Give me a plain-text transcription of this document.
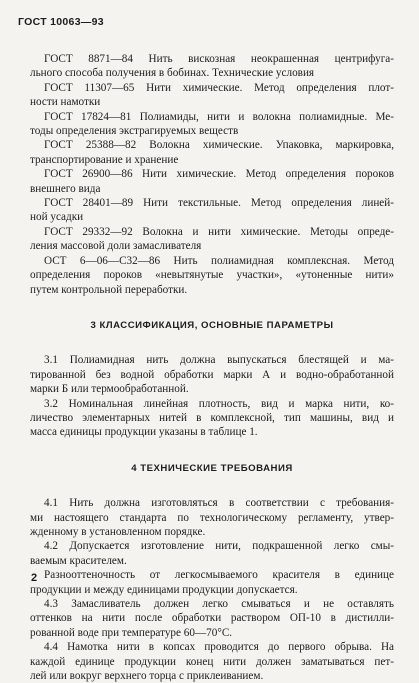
ГОСТ 10063—93
ГОСТ 8871—84 Нить вискозная неокрашенная центрифуга-
льного способа получения в бобинах. Технические условия
ГОСТ 11307—65 Нити химические. Метод определения плот-
ности намотки
ГОСТ 17824—81 Полиамиды, нити и волокна полиамидные. Ме-
тоды определения экстрагируемых веществ
ГОСТ 25388—82 Волокна химические. Упаковка, маркировка,
транспортирование и хранение
ГОСТ 26900—86 Нити химические. Метод определения пороков
внешнего вида
ГОСТ 28401—89 Нити текстильные. Метод определения линей-
ной усадки
ГОСТ 29332—92 Волокна и нити химические. Методы опреде-
ления массовой доли замасливателя
ОСТ 6—06—С32—86 Нить полиамидная комплексная. Метод
определения пороков «невытянутые участки», «утоненные нити»
путем контрольной переработки.
3 КЛАССИФИКАЦИЯ, ОСНОВНЫЕ ПАРАМЕТРЫ
3.1 Полиамидная нить должна выпускаться блестящей и ма-
тированной без водной обработки марки А и водно-обработанной
марки Б или термообработанной.
3.2 Номинальная линейная плотность, вид и марка нити, ко-
личество элементарных нитей в комплексной, тип машины, вид и
масса единицы продукции указаны в таблице 1.
4 ТЕХНИЧЕСКИЕ ТРЕБОВАНИЯ
4.1 Нить должна изготовляться в соответствии с требования-
ми настоящего стандарта по технологическому регламенту, утвер-
жденному в установленном порядке.
4.2 Допускается изготовление нити, подкрашенной легко смы-
ваемым красителем.
Разнооттеночность от легкосмываемого красителя в единице
продукции и между единицами продукции допускается.
4.3 Замасливатель должен легко смываться и не оставлять
оттенков на нити после обработки раствором ОП-10 в дистилли-
рованной воде при температуре 60—70°С.
4.4 Намотка нити в копсах проводится до первого обрыва. На
каждой единице продукции конец нити должен заматываться пет-
лей или вокруг верхнего торца с приклеиванием.
2
